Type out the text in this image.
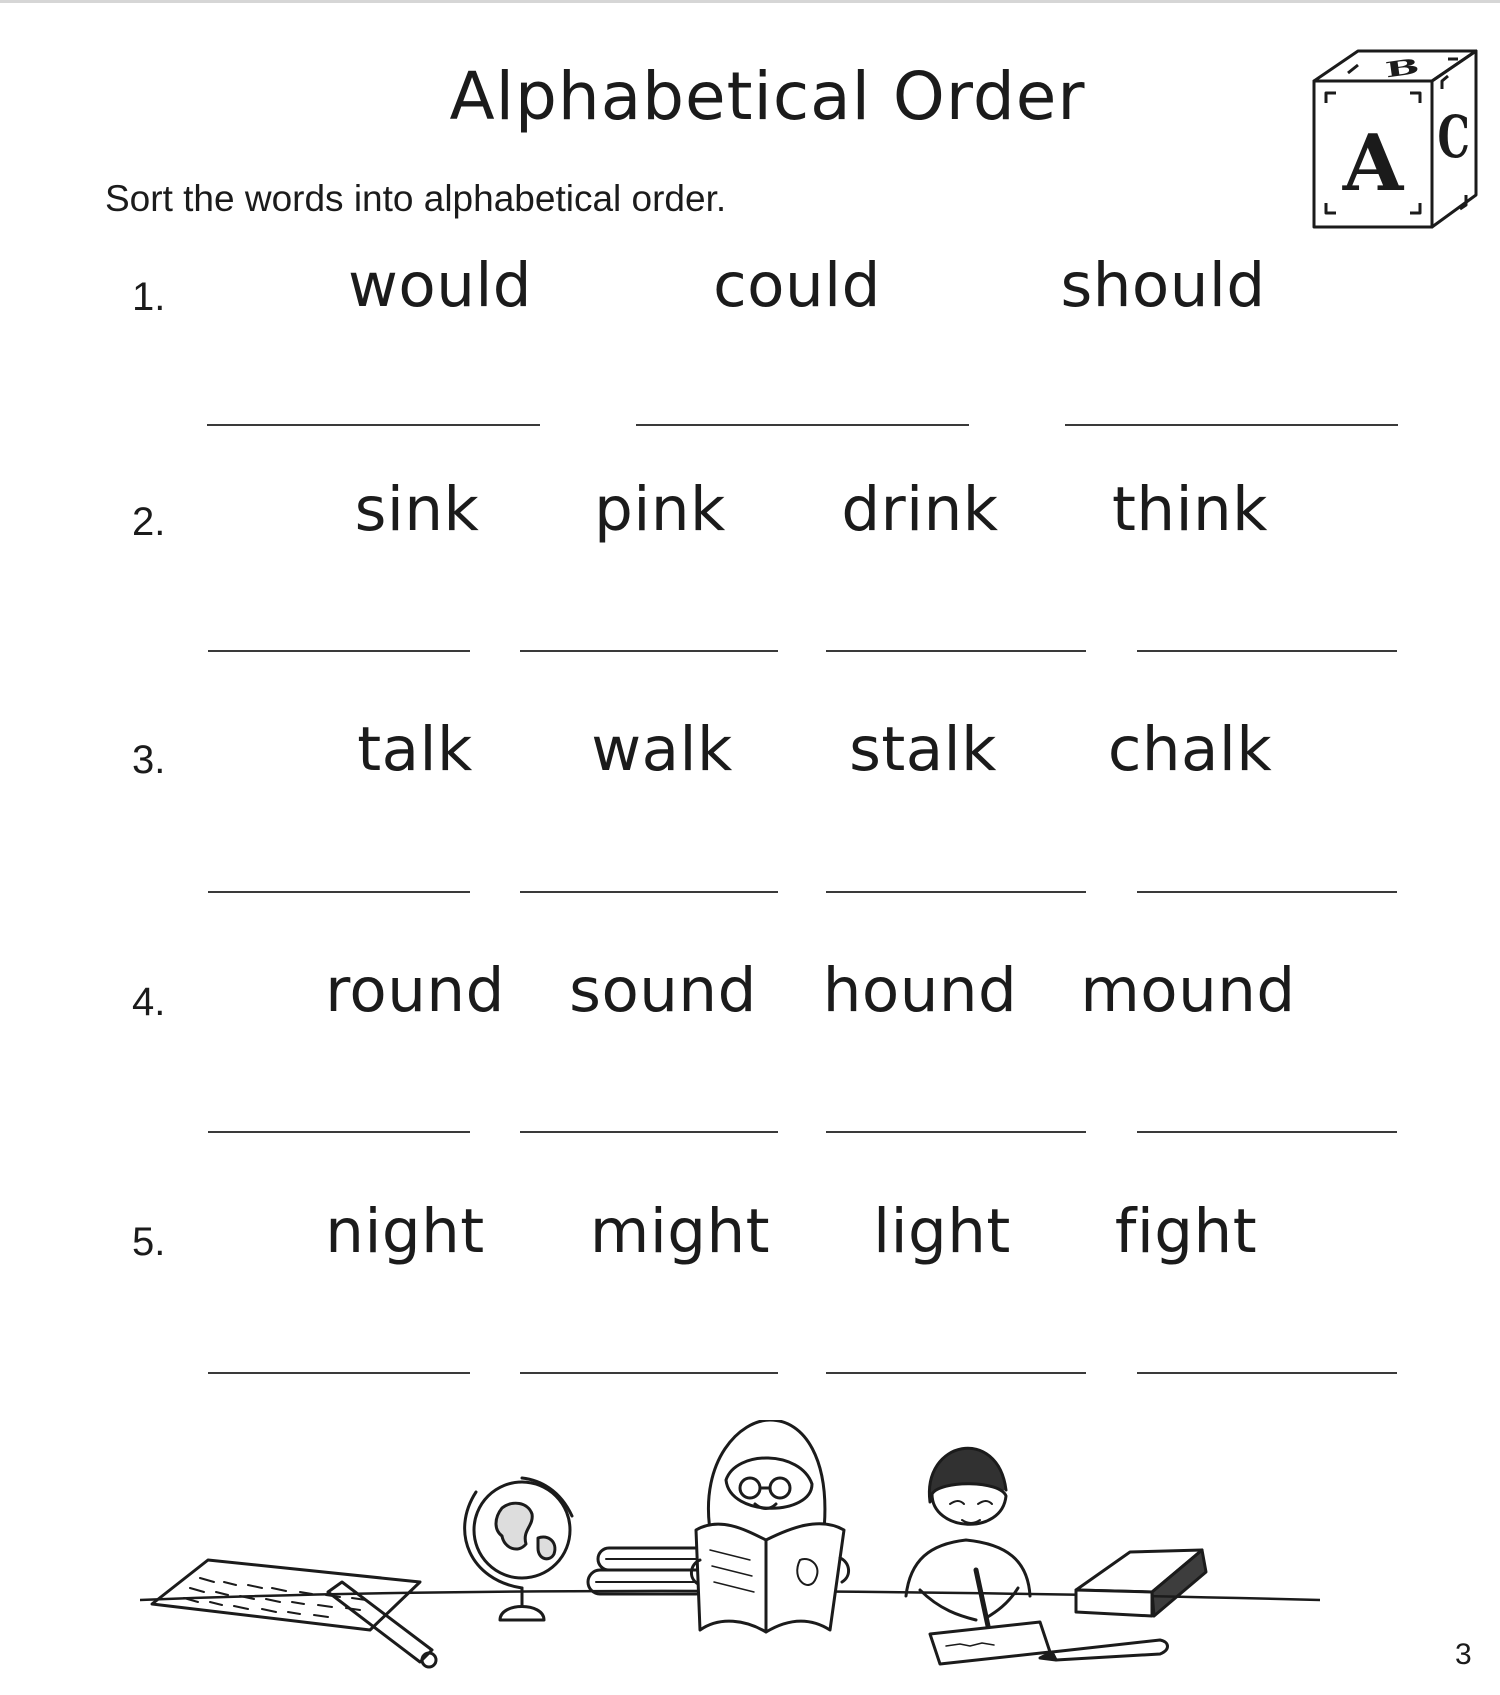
Alphabetical Order
Sort the words into alphabetical order.	A
B
C
1.	would	could	should
2.	sink pink drink think
3.	talk walk stalk chalk
4.	round sound hound mound
5.	night might light fight
3
